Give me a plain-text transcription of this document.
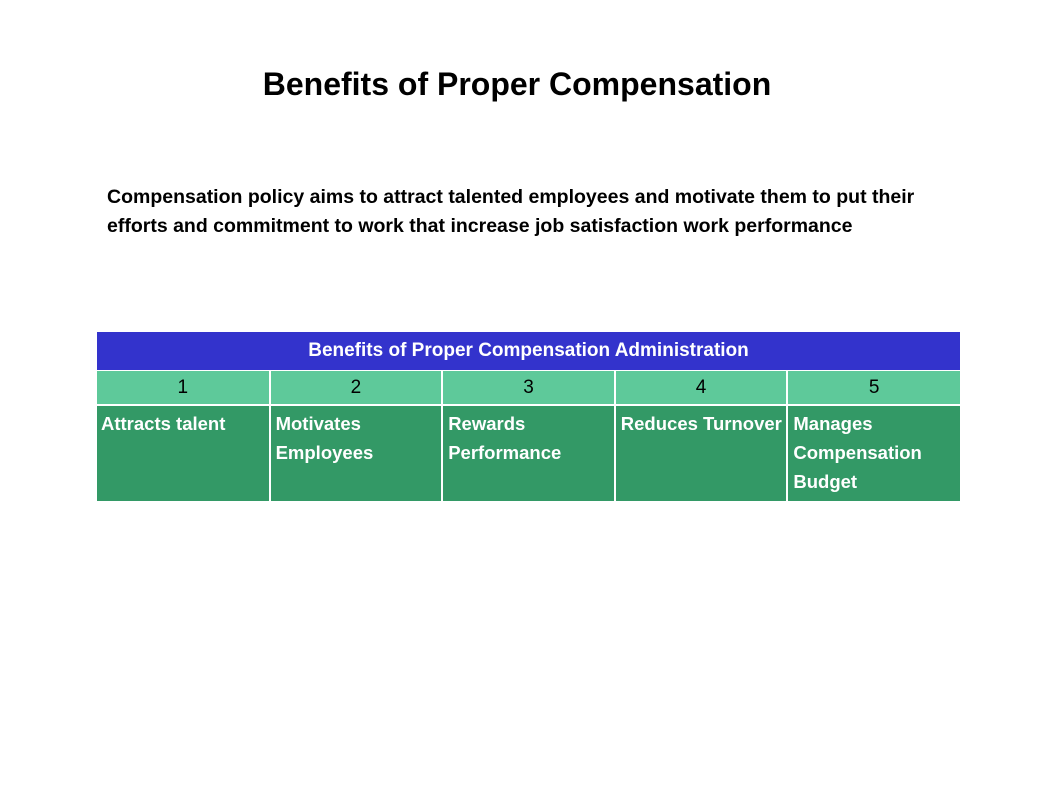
Benefits of Proper Compensation

Compensation policy aims to attract talented employees and motivate them to put their efforts and commitment to work that increase job satisfaction work performance

Benefits of Proper Compensation Administration				
1	2	3	4	5
Attracts talent	Motivates Employees	Rewards Performance	Reduces Turnover	Manages Compensation Budget
